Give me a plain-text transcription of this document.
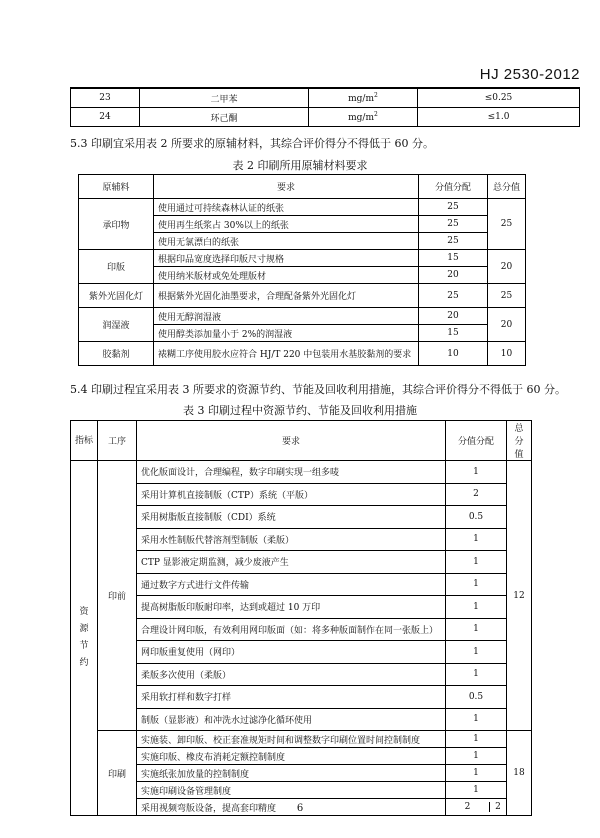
HJ 2530-2012
23	二甲苯	$mg/m^2$	≤0.25
24	环己酮	$mg/m^2$	≤1.0
5.3 印刷宜采用表 2 所要求的原辅材料，其综合评价得分不得低于 60 分。
表 2 印刷所用原辅材料要求
原辅料	要求	分值分配	总分值
承印物	使用通过可持续森林认证的纸张	25	25
	使用再生纸浆占 30%以上的纸张	25	
	使用无氯漂白的纸张	25	
印版	根据印品宽度选择印版尺寸规格	15	20
	使用纳米版材或免处理版材	20	
紫外光固化灯	根据紫外光固化油墨要求，合理配备紫外光固化灯	25	25
润湿液	使用无醇润湿液	20	20
	使用醇类添加量小于 2%的润湿液	15	
胶黏剂	裱糊工序使用胶水应符合 HJ/T 220 中包装用水基胶黏剂的要求	10	10
5.4 印刷过程宜采用表 3 所要求的资源节约、节能及回收利用措施，其综合评价得分不得低于 60 分。
表 3 印刷过程中资源节约、节能及回收利用措施
指标	工序	要求	分值分配	总分值

资
源
节
约	印前	优化版面设计，合理编程，数字印刷实现一组多唛	1	12
		采用计算机直接制版（CTP）系统（平版）	2	
		采用树脂版直接制版（CDI）系统	0.5	
		采用水性制版代替溶剂型制版（柔版）	1	
		CTP 显影液定期监测，减少废液产生	1	
		通过数字方式进行文件传输	1	
		提高树脂版印版耐印率，达到或超过 10 万印	1	
		合理设计网印版，有效利用网印版面（如：将多种版面制作在同一张版上）	1	
		网印版重复使用（网印）	1	
		柔版多次使用（柔版）	1	
		采用软打样和数字打样	0.5	
		制版（显影液）和冲洗水过滤净化循环使用	1	
	印刷	实施装、卸印版、校正套准规矩时间和调整数字印刷位置时间控制制度	1	18
		实施印版、橡皮布消耗定额控制制度	1	
		实施纸张加放量的控制制度	1	
		实施印刷设备管理制度	1	
		采用视频弯版设备，提高套印精度	2 2	
6
